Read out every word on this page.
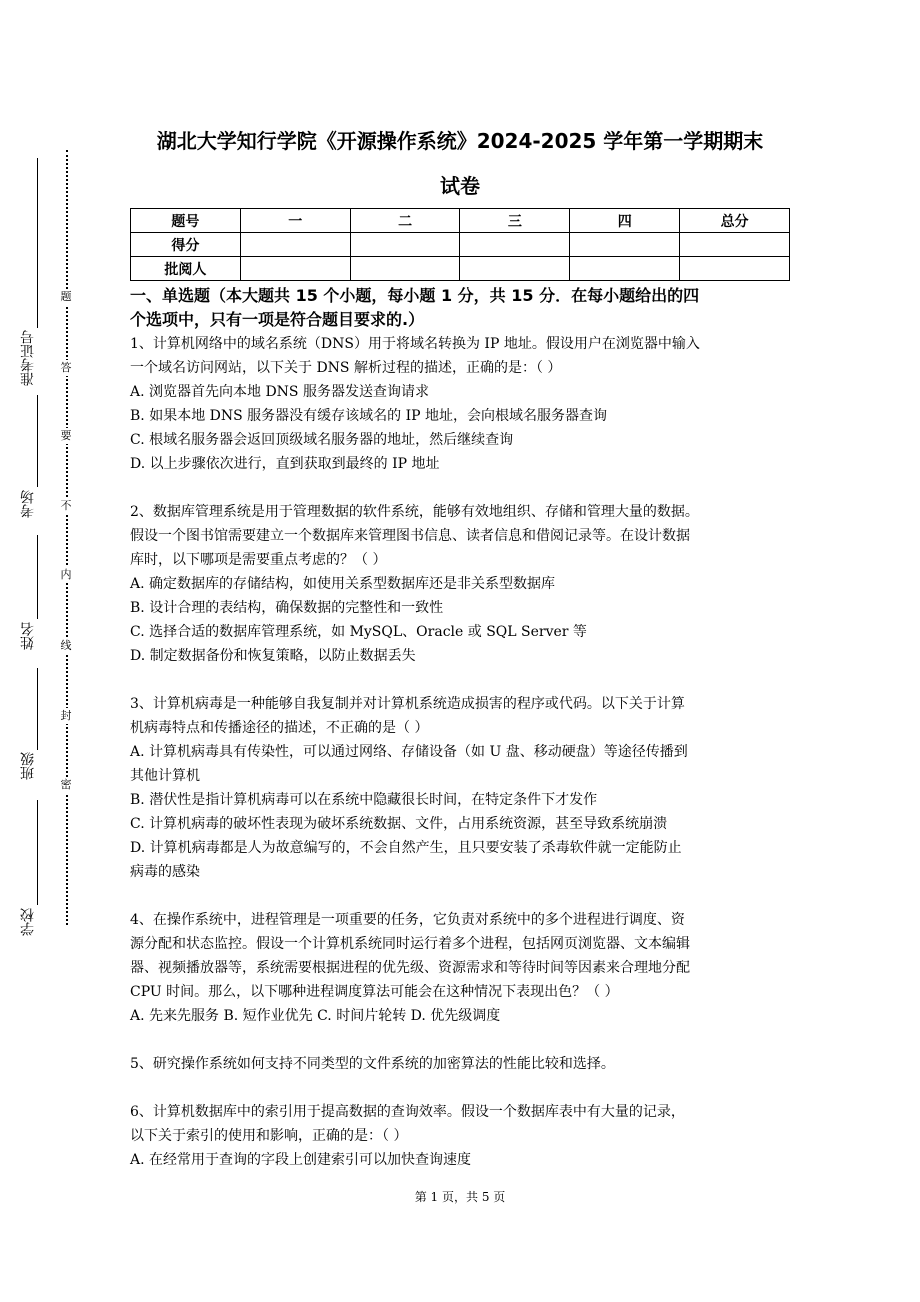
准考证号
考场
姓名
班级
学校
题
答
要
不
内
线
封
密
湖北大学知行学院《开源操作系统》2024-2025 学年第一学期期末
试卷
题号	一	二	三	四	总分
得分					
批阅人					

一、单选题（本大题共 15 个小题，每小题 1 分，共 15 分．在每小题给出的四

个选项中，只有一项是符合题目要求的.）

1、计算机网络中的域名系统（DNS）用于将域名转换为 IP 地址。假设用户在浏览器中输入

一个域名访问网站，以下关于 DNS 解析过程的描述，正确的是：（ ）

A. 浏览器首先向本地 DNS 服务器发送查询请求

B. 如果本地 DNS 服务器没有缓存该域名的 IP 地址，会向根域名服务器查询

C. 根域名服务器会返回顶级域名服务器的地址，然后继续查询

D. 以上步骤依次进行，直到获取到最终的 IP 地址

2、数据库管理系统是用于管理数据的软件系统，能够有效地组织、存储和管理大量的数据。

假设一个图书馆需要建立一个数据库来管理图书信息、读者信息和借阅记录等。在设计数据

库时，以下哪项是需要重点考虑的？（ ）

A. 确定数据库的存储结构，如使用关系型数据库还是非关系型数据库

B. 设计合理的表结构，确保数据的完整性和一致性

C. 选择合适的数据库管理系统，如 MySQL、Oracle 或 SQL Server 等

D. 制定数据备份和恢复策略，以防止数据丢失

3、计算机病毒是一种能够自我复制并对计算机系统造成损害的程序或代码。以下关于计算

机病毒特点和传播途径的描述，不正确的是（ ）

A. 计算机病毒具有传染性，可以通过网络、存储设备（如 U 盘、移动硬盘）等途径传播到

其他计算机

B. 潜伏性是指计算机病毒可以在系统中隐藏很长时间，在特定条件下才发作

C. 计算机病毒的破坏性表现为破坏系统数据、文件，占用系统资源，甚至导致系统崩溃

D. 计算机病毒都是人为故意编写的，不会自然产生，且只要安装了杀毒软件就一定能防止

病毒的感染

4、在操作系统中，进程管理是一项重要的任务，它负责对系统中的多个进程进行调度、资

源分配和状态监控。假设一个计算机系统同时运行着多个进程，包括网页浏览器、文本编辑

器、视频播放器等，系统需要根据进程的优先级、资源需求和等待时间等因素来合理地分配

CPU 时间。那么，以下哪种进程调度算法可能会在这种情况下表现出色？（ ）

A. 先来先服务 B. 短作业优先 C. 时间片轮转 D. 优先级调度

5、研究操作系统如何支持不同类型的文件系统的加密算法的性能比较和选择。

6、计算机数据库中的索引用于提高数据的查询效率。假设一个数据库表中有大量的记录，

以下关于索引的使用和影响，正确的是：（ ）

A. 在经常用于查询的字段上创建索引可以加快查询速度

第 1 页，共 5 页
